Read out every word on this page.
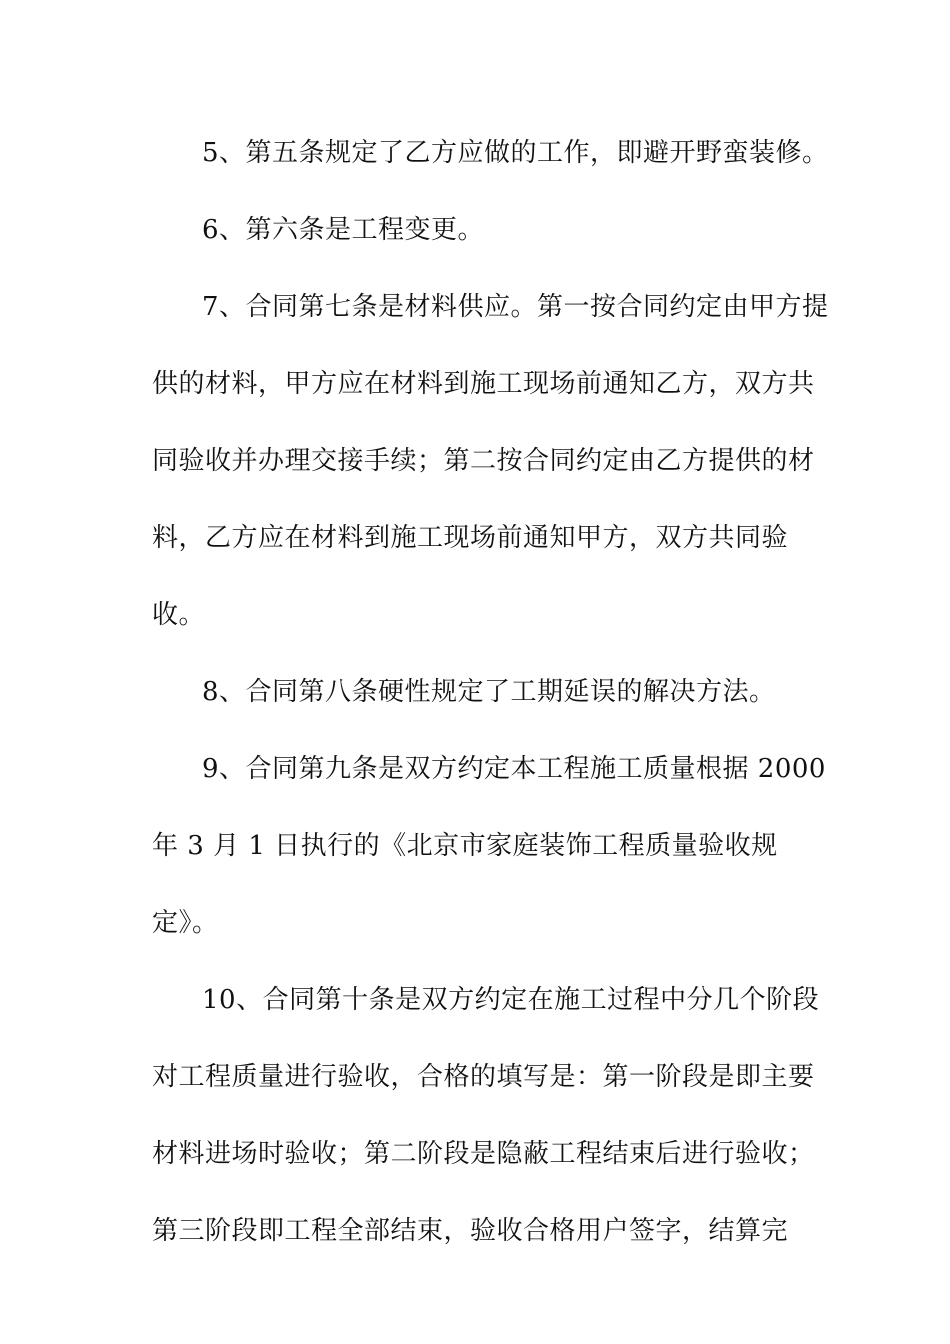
5、第五条规定了乙方应做的工作，即避开野蛮装修。
6、第六条是工程变更。
7、合同第七条是材料供应。第一按合同约定由甲方提
供的材料，甲方应在材料到施工现场前通知乙方，双方共
同验收并办理交接手续；第二按合同约定由乙方提供的材
料，乙方应在材料到施工现场前通知甲方，双方共同验
收。
8、合同第八条硬性规定了工期延误的解决方法。
9、合同第九条是双方约定本工程施工质量根据 2000
年 3 月 1 日执行的《北京市家庭装饰工程质量验收规
定》。
10、合同第十条是双方约定在施工过程中分几个阶段
对工程质量进行验收，合格的填写是：第一阶段是即主要
材料进场时验收；第二阶段是隐蔽工程结束后进行验收；
第三阶段即工程全部结束，验收合格用户签字，结算完
